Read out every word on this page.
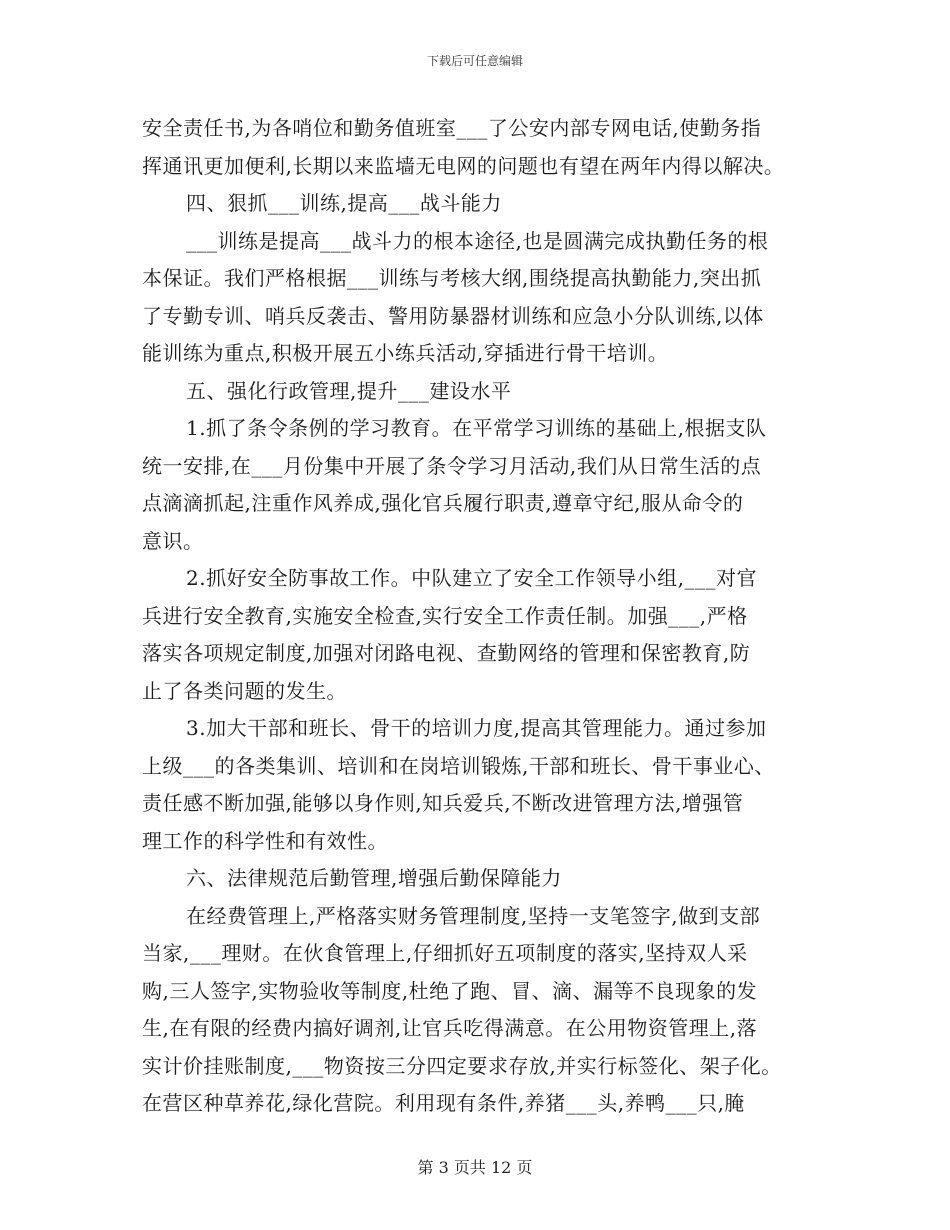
下载后可任意编辑
安全责任书,为各哨位和勤务值班室___了公安内部专网电话,使勤务指
挥通讯更加便利,长期以来监墙无电网的问题也有望在两年内得以解决。
四、狠抓___训练,提高___战斗能力
___训练是提高___战斗力的根本途径,也是圆满完成执勤任务的根
本保证。我们严格根据___训练与考核大纲,围绕提高执勤能力,突出抓
了专勤专训、哨兵反袭击、警用防暴器材训练和应急小分队训练,以体
能训练为重点,积极开展五小练兵活动,穿插进行骨干培训。
五、强化行政管理,提升___建设水平
1.抓了条令条例的学习教育。在平常学习训练的基础上,根据支队
统一安排,在___月份集中开展了条令学习月活动,我们从日常生活的点
点滴滴抓起,注重作风养成,强化官兵履行职责,遵章守纪,服从命令的
意识。
2.抓好安全防事故工作。中队建立了安全工作领导小组,___对官
兵进行安全教育,实施安全检查,实行安全工作责任制。加强___,严格
落实各项规定制度,加强对闭路电视、查勤网络的管理和保密教育,防
止了各类问题的发生。
3.加大干部和班长、骨干的培训力度,提高其管理能力。通过参加
上级___的各类集训、培训和在岗培训锻炼,干部和班长、骨干事业心、
责任感不断加强,能够以身作则,知兵爱兵,不断改进管理方法,增强管
理工作的科学性和有效性。
六、法律规范后勤管理,增强后勤保障能力
在经费管理上,严格落实财务管理制度,坚持一支笔签字,做到支部
当家,___理财。在伙食管理上,仔细抓好五项制度的落实,坚持双人采
购,三人签字,实物验收等制度,杜绝了跑、冒、滴、漏等不良现象的发
生,在有限的经费内搞好调剂,让官兵吃得满意。在公用物资管理上,落
实计价挂账制度,___物资按三分四定要求存放,并实行标签化、架子化。
在营区种草养花,绿化营院。利用现有条件,养猪___头,养鸭___只,腌
第 3 页共 12 页
